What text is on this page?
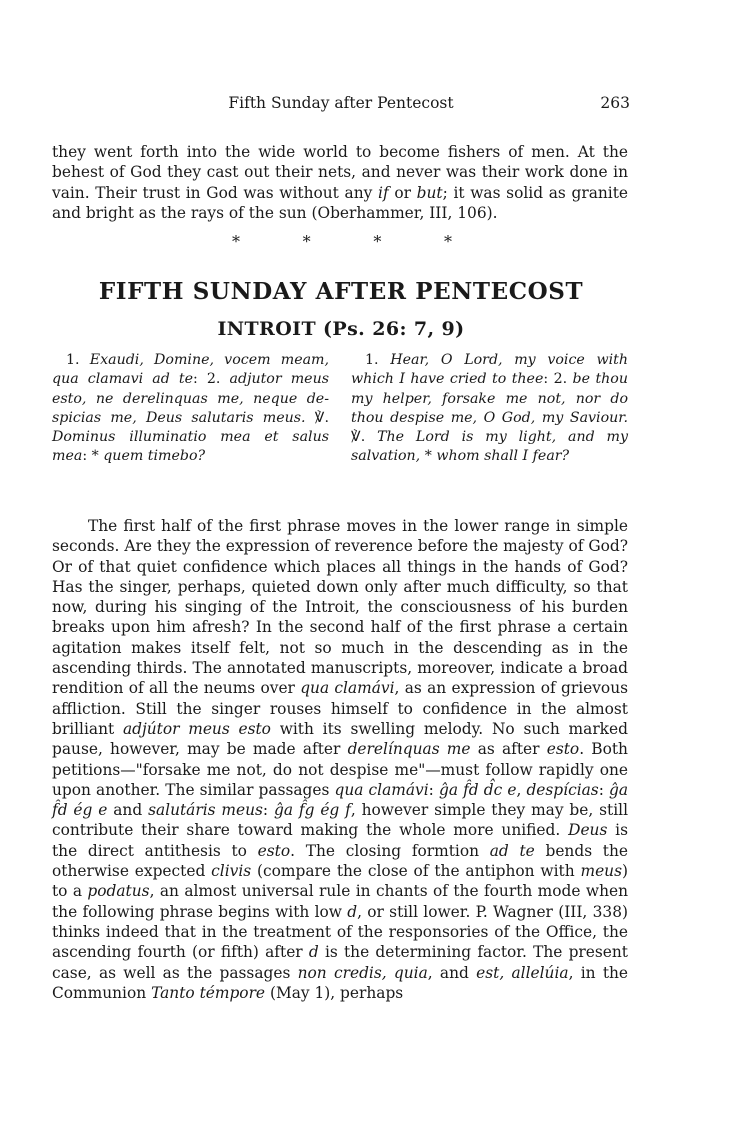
Fifth Sunday after Pentecost	263

they went forth into the wide world to become fishers of men. At the behest of God they cast out their nets, and never was their work done in vain. Their trust in God was without any if or but; it was solid as granite and bright as the rays of the sun (Oberhammer, III, 106).

*	*	*	*
FIFTH SUNDAY AFTER PENTECOST
INTROIT (Ps. 26: 7, 9)

1. Exaudi, Domine, vocem meam, qua clamavi ad te: 2. adjutor meus esto, ne derelinquas me, neque despicias me, Deus salutaris meus. ℣. Dominus illuminatio mea et salus mea: * quem timebo?

1. Hear, O Lord, my voice with which I have cried to thee: 2. be thou my helper, forsake me not, nor do thou despise me, O God, my Saviour. ℣. The Lord is my light, and my salvation, * whom shall I fear?

The first half of the first phrase moves in the lower range in simple seconds. Are they the expression of reverence before the majesty of God? Or of that quiet confidence which places all things in the hands of God? Has the singer, perhaps, quieted down only after much difficulty, so that now, during his singing of the Introit, the consciousness of his burden breaks upon him afresh? In the second half of the first phrase a certain agitation makes itself felt, not so much in the descending as in the ascending thirds. The annotated manuscripts, moreover, indicate a broad rendition of all the neums over qua clamávi, as an expression of grievous affliction. Still the singer rouses himself to confidence in the almost brilliant adjútor meus esto with its swelling melody. No such marked pause, however, may be made after derelínquas me as after esto. Both petitions—"forsake me not, do not despise me"—must follow rapidly one upon another. The similar passages qua clamávi: ĝa f̂d d̂c e, despícias: ĝa f̂d ég e and salutáris meus: ĝa f̂g ég f, however simple they may be, still contribute their share toward making the whole more unified. Deus is the direct antithesis to esto. The closing formtion ad te bends the otherwise expected clivis (compare the close of the antiphon with meus) to a podatus, an almost universal rule in chants of the fourth mode when the following phrase begins with low d, or still lower. P. Wagner (III, 338) thinks indeed that in the treatment of the responsories of the Office, the ascending fourth (or fifth) after d is the determining factor. The present case, as well as the passages non credis, quia, and est, allelúia, in the Communion Tanto témpore (May 1), perhaps
